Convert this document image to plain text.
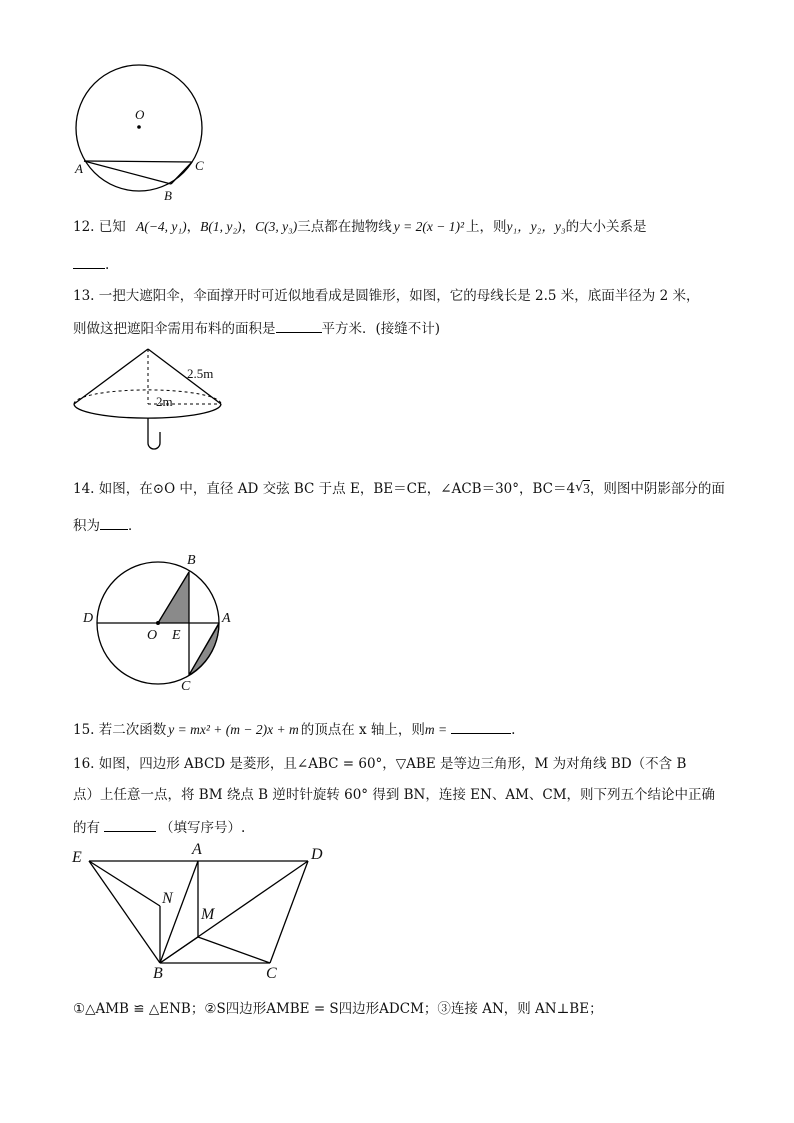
O
A
B
C
12. 已知 A(−4, y₁)，B(1, y₂)，C(3, y₃)三点都在抛物线 y = 2(x − 1)² 上，则y₁，y₂，y₃的大小关系是
.
13. 一把大遮阳伞，伞面撑开时可近似地看成是圆锥形，如图，它的母线长是 2.5 米，底面半径为 2 米，
则做这把遮阳伞需用布料的面积是	平方米．(接缝不计)
2.5m
2m
14. 如图，在⊙O 中，直径 AD 交弦 BC 于点 E，BE＝CE，∠ACB＝30°，BC＝4 √ 3，则图中阴影部分的面
积为 ．
B
D
O E
A
C
15. 若二次函数 y = mx² + (m − 2)x + m 的顶点在 x 轴上，则m =	.
16. 如图，四边形 ABCD 是菱形，且∠ABC = 60°，▽ABE 是等边三角形，M 为对角线 BD（不含 B
点）上任意一点，将 BM 绕点 B 逆时针旋转 60° 得到 BN，连接 EN、AM、CM，则下列五个结论中正确
的有	（填写序号）.
E	A	D
N
M
B	C
①△AMB ≌ △ENB；②S四边形AMBE = S四边形ADCM；③连接 AN，则 AN⊥BE；
